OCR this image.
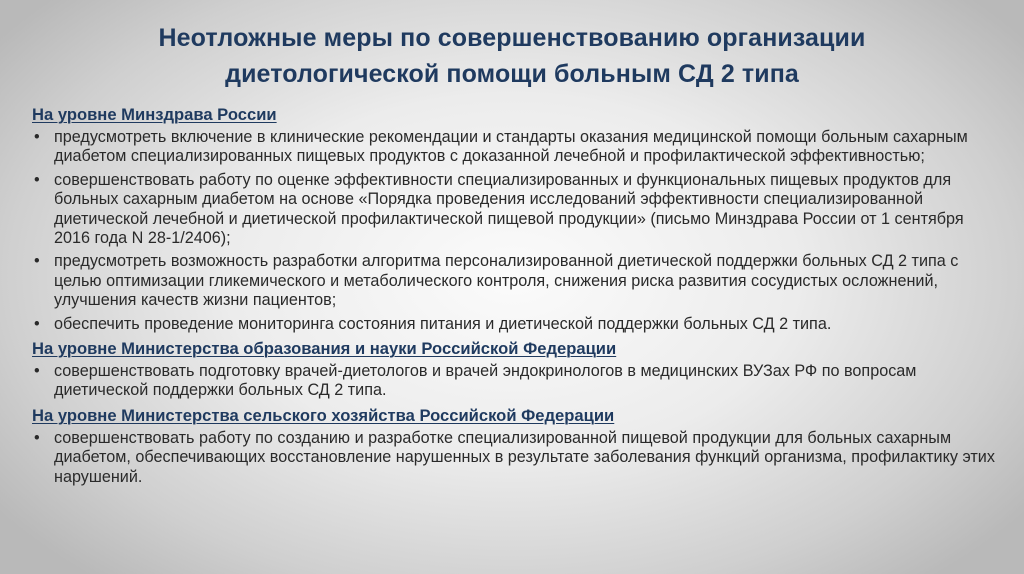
Неотложные меры по совершенствованию организации
диетологической помощи больным СД 2 типа
На уровне Минздрава России
• предусмотреть включение в клинические рекомендации и стандарты оказания медицинской помощи больным сахарным диабетом специализированных пищевых продуктов с доказанной лечебной и профилактической эффективностью;
• совершенствовать работу по оценке эффективности специализированных и функциональных пищевых продуктов для больных сахарным диабетом на основе «Порядка проведения исследований эффективности специализированной диетической лечебной и диетической профилактической пищевой продукции» (письмо Минздрава России от 1 сентября 2016 года N 28-1/2406);
• предусмотреть возможность разработки алгоритма персонализированной диетической поддержки больных СД 2 типа с целью оптимизации гликемического и метаболического контроля, снижения риска развития сосудистых осложнений, улучшения качеств жизни пациентов;
• обеспечить проведение мониторинга состояния питания и диетической поддержки больных СД 2 типа.
На уровне Министерства образования и науки Российской Федерации
• совершенствовать подготовку врачей-диетологов и врачей эндокринологов в медицинских ВУЗах РФ по вопросам диетической поддержки больных СД 2 типа.
На уровне Министерства сельского хозяйства Российской Федерации
• совершенствовать работу по созданию и разработке специализированной пищевой продукции для больных сахарным диабетом, обеспечивающих восстановление нарушенных в результате заболевания функций организма, профилактику этих нарушений.
